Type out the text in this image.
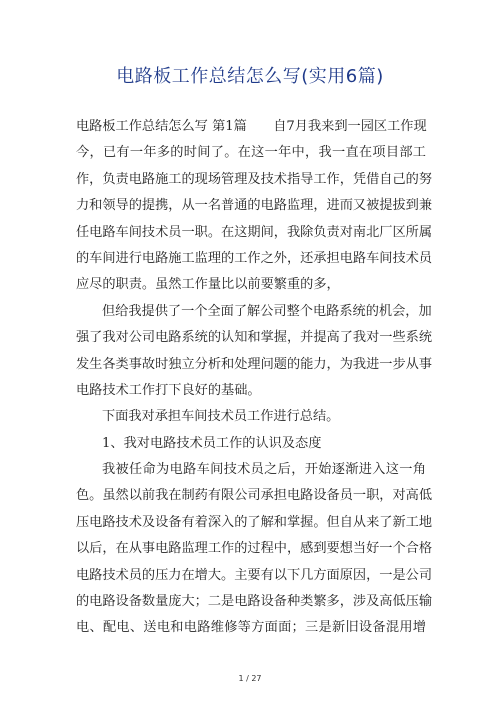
电路板工作总结怎么写(实用6篇)
电路板工作总结怎么写 第1篇　　自7月我来到一园区工作现
今，已有一年多的时间了。在这一年中，我一直在项目部工
作，负责电路施工的现场管理及技术指导工作，凭借自己的努
力和领导的提携，从一名普通的电路监理，进而又被提拔到兼
任电路车间技术员一职。在这期间，我除负责对南北厂区所属
的车间进行电路施工监理的工作之外，还承担电路车间技术员
应尽的职责。虽然工作量比以前要繁重的多，
但给我提供了一个全面了解公司整个电路系统的机会，加
强了我对公司电路系统的认知和掌握，并提高了我对一些系统
发生各类事故时独立分析和处理问题的能力，为我进一步从事
电路技术工作打下良好的基础。
下面我对承担车间技术员工作进行总结。
1、我对电路技术员工作的认识及态度
我被任命为电路车间技术员之后，开始逐渐进入这一角
色。虽然以前我在制药有限公司承担电路设备员一职，对高低
压电路技术及设备有着深入的了解和掌握。但自从来了新工地
以后，在从事电路监理工作的过程中，感到要想当好一个合格
电路技术员的压力在增大。主要有以下几方面原因，一是公司
的电路设备数量庞大；二是电路设备种类繁多，涉及高低压输
电、配电、送电和电路维修等方面面；三是新旧设备混用增
1 / 27
